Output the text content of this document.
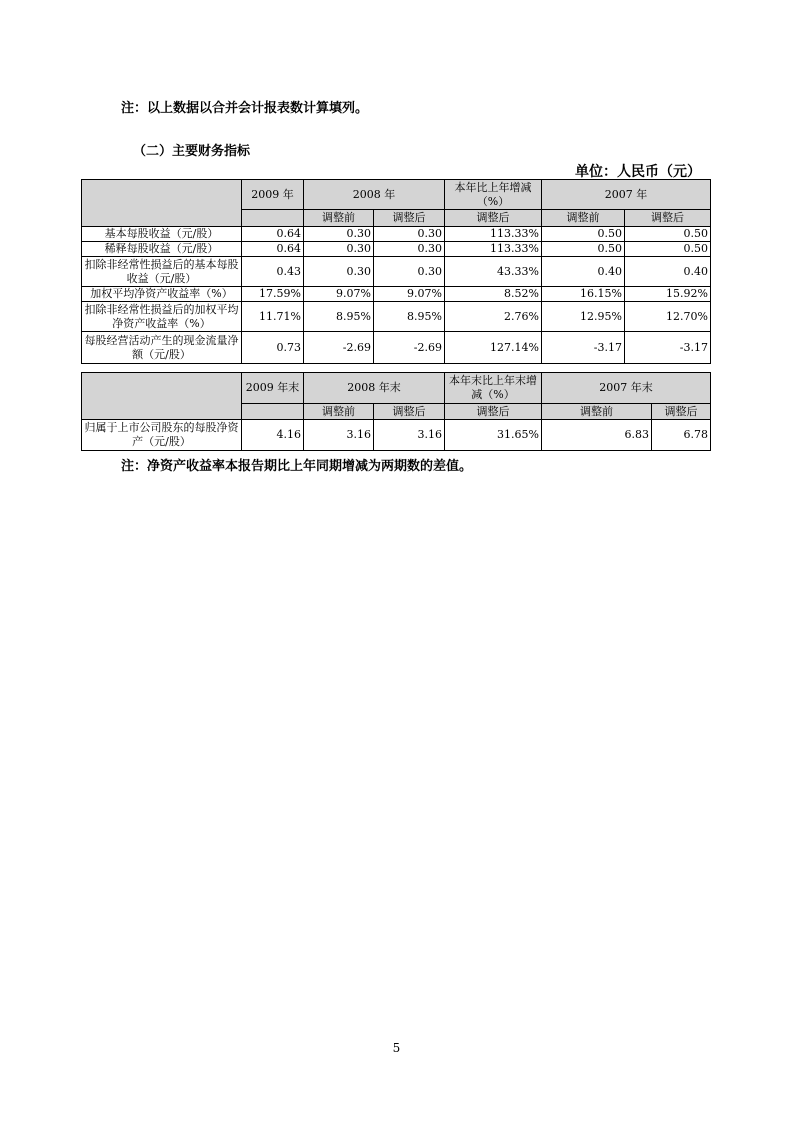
注：以上数据以合并会计报表数计算填列。
（二）主要财务指标
单位：人民币（元）
	2009 年	2008 年		本年比上年增减（%）	2007 年	
		调整前	调整后	调整后	调整前	调整后
基本每股收益（元/股）	0.64	0.30	0.30	113.33%	0.50	0.50
稀释每股收益（元/股）	0.64	0.30	0.30	113.33%	0.50	0.50
扣除非经常性损益后的基本每股收益（元/股）	0.43	0.30	0.30	43.33%	0.40	0.40
加权平均净资产收益率（%）	17.59%	9.07%	9.07%	8.52%	16.15%	15.92%
扣除非经常性损益后的加权平均净资产收益率（%）	11.71%	8.95%	8.95%	2.76%	12.95%	12.70%
每股经营活动产生的现金流量净额（元/股）	0.73	-2.69	-2.69	127.14%	-3.17	-3.17
	2009 年末	2008 年末		本年末比上年末增减（%）	2007 年末	
		调整前	调整后	调整后	调整前	调整后
归属于上市公司股东的每股净资产（元/股）	4.16	3.16	3.16	31.65%	6.83	6.78
注：净资产收益率本报告期比上年同期增减为两期数的差值。
5
